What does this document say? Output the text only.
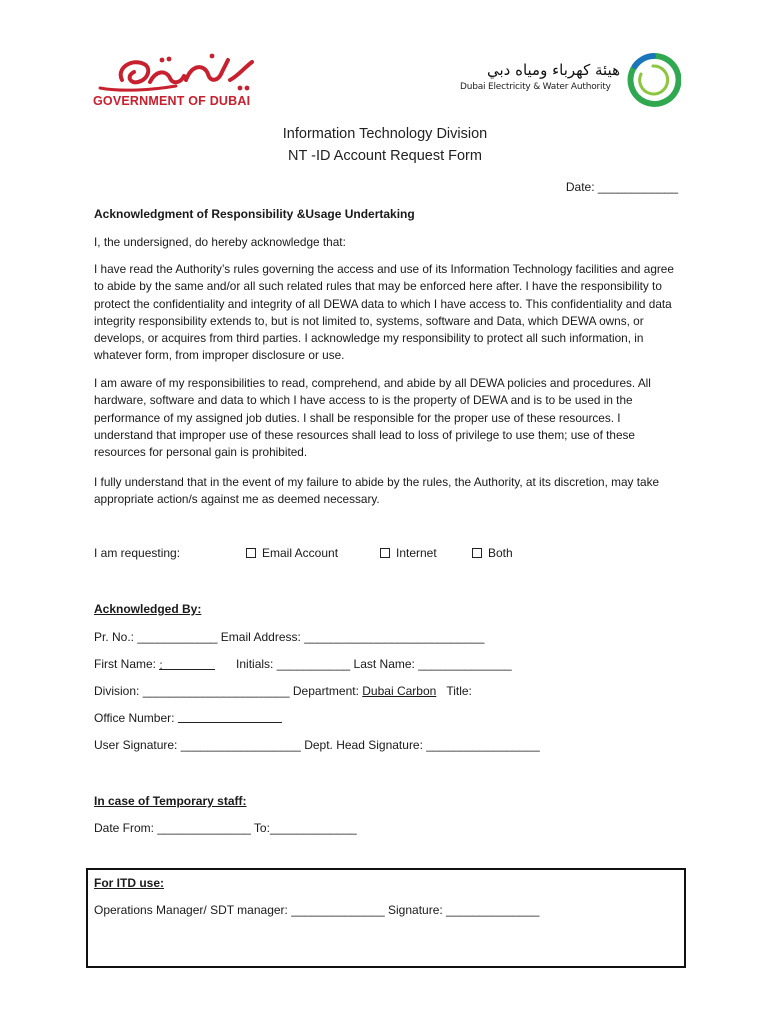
GOVERNMENT OF DUBAI
هيئة كهرباء ومياه دبي
Dubai Electricity & Water Authority
Information Technology Division
NT -ID Account Request Form
Date: ____________
Acknowledgment of Responsibility &Usage Undertaking
I, the undersigned, do hereby acknowledge that:
I have read the Authority’s rules governing the access and use of its Information Technology facilities and agree to abide by the same and/or all such related rules that may be enforced here after. I have the responsibility to protect the confidentiality and integrity of all DEWA data to which I have access to. This confidentiality and data integrity responsibility extends to, but is not limited to, systems, software and Data, which DEWA owns, or develops, or acquires from third parties. I acknowledge my responsibility to protect all such information, in whatever form, from improper disclosure or use.
I am aware of my responsibilities to read, comprehend, and abide by all DEWA policies and procedures. All hardware, software and data to which I have access to is the property of DEWA and is to be used in the performance of my assigned job duties. I shall be responsible for the proper use of these resources. I understand that improper use of these resources shall lead to loss of privilege to use them; use of these resources for personal gain is prohibited.
I fully understand that in the event of my failure to abide by the rules, the Authority, at its discretion, may take appropriate action/s against me as deemed necessary.
I am requesting:	Email Account	Internet	Both
Acknowledged By:
Pr. No.: ____________ Email Address: ___________________________
First Name: :	Initials: ___________ Last Name: ______________
Division: ______________________ Department: Dubai Carbon Title:
Office Number:
User Signature: __________________ Dept. Head Signature: _________________
In case of Temporary staff:
Date From: ______________ To:_____________
For ITD use:
Operations Manager/ SDT manager: ______________ Signature: ______________
